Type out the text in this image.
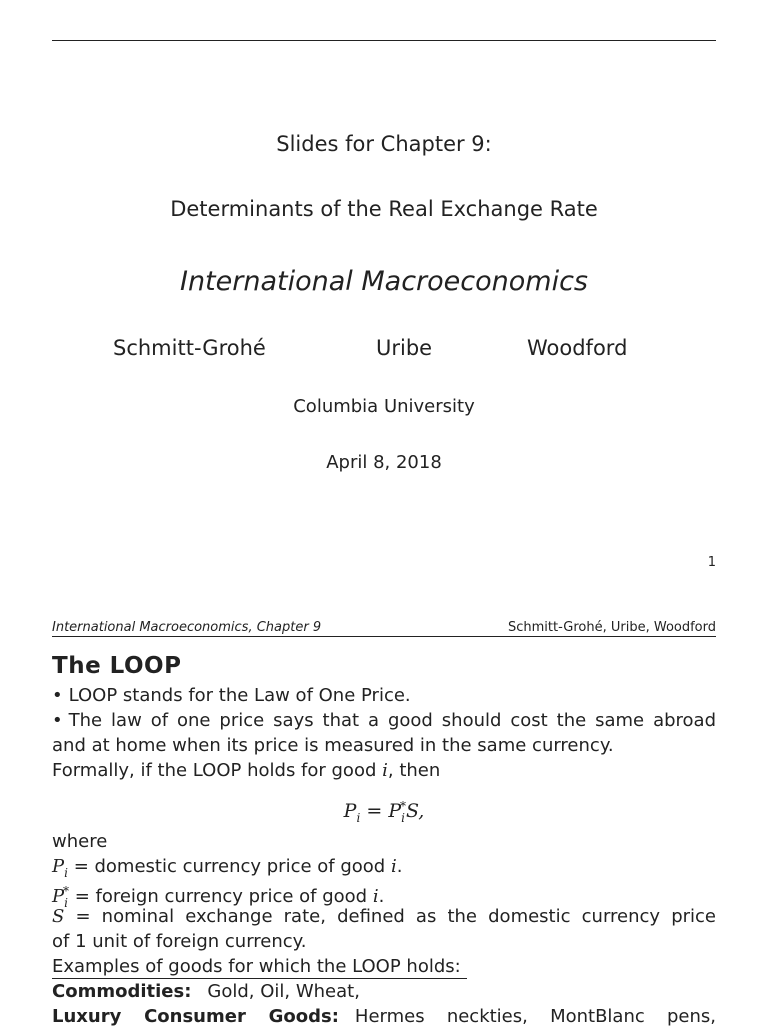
Slides for Chapter 9:
Determinants of the Real Exchange Rate
International Macroeconomics
Schmitt-Grohé	Uribe	Woodford
Columbia University
April 8, 2018
1
International Macroeconomics, Chapter 9	Schmitt-Grohé, Uribe, Woodford
The LOOP
• LOOP stands for the Law of One Price.
• The law of one price says that a good should cost the same abroad
and at home when its price is measured in the same currency.
Formally, if the LOOP holds for good i, then
$P_i = P_i^*S$,
where
$P_i$ = domestic currency price of good i.
$P_i^*$ = foreign currency price of good i.
S = nominal exchange rate, defined as the domestic currency price
of 1 unit of foreign currency.
Examples of goods for which the LOOP holds:
Commodities: Gold, Oil, Wheat,
Luxury Consumer Goods: Hermes neckties, MontBlanc pens,
